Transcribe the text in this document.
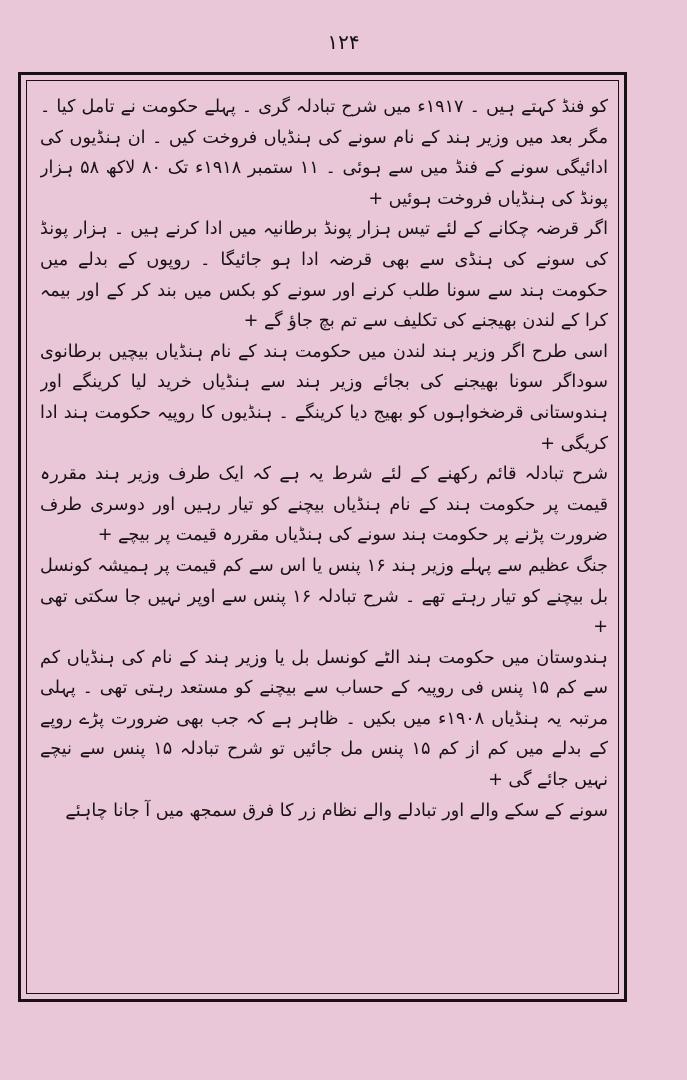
۱۲۴

کو فنڈ کہتے ہیں ۔ ۱۹۱۷ء میں شرح تبادلہ گری ۔ پہلے حکومت نے تامل کیا ۔ مگر بعد میں وزیر ہند کے نام سونے کی ہنڈیاں فروخت کیں ۔ ان ہنڈیوں کی ادائیگی سونے کے فنڈ میں سے ہوئی ۔ ۱۱ ستمبر ۱۹۱۸ء تک ۸۰ لاکھ ۵۸ ہزار پونڈ کی ہنڈیاں فروخت ہوئیں +

اگر قرضہ چکانے کے لئے تیس ہزار پونڈ برطانیہ میں ادا کرنے ہیں ۔ ہزار پونڈ کی سونے کی ہنڈی سے بھی قرضہ ادا ہو جائیگا ۔ روپوں کے بدلے میں حکومت ہند سے سونا طلب کرنے اور سونے کو بکس میں بند کر کے اور بیمہ کرا کے لندن بھیجنے کی تکلیف سے تم بچ جاؤ گے +

اسی طرح اگر وزیر ہند لندن میں حکومت ہند کے نام ہنڈیاں بیچیں برطانوی سوداگر سونا بھیجنے کی بجائے وزیر ہند سے ہنڈیاں خرید لیا کرینگے اور ہندوستانی قرضخواہوں کو بھیج دیا کرینگے ۔ ہنڈیوں کا روپیہ حکومت ہند ادا کریگی +

شرح تبادلہ قائم رکھنے کے لئے شرط یہ ہے کہ ایک طرف وزیر ہند مقررہ قیمت پر حکومت ہند کے نام ہنڈیاں بیچنے کو تیار رہیں اور دوسری طرف ضرورت پڑنے پر حکومت ہند سونے کی ہنڈیاں مقررہ قیمت پر بیچے +

جنگ عظیم سے پہلے وزیر ہند ۱۶ پنس یا اس سے کم قیمت پر ہمیشہ کونسل بل بیچنے کو تیار رہتے تھے ۔ شرح تبادلہ ۱۶ پنس سے اوپر نہیں جا سکتی تھی +

ہندوستان میں حکومت ہند الٹے کونسل بل یا وزیر ہند کے نام کی ہنڈیاں کم سے کم ۱۵ پنس فی روپیہ کے حساب سے بیچنے کو مستعد رہتی تھی ۔ پہلی مرتبہ یہ ہنڈیاں ۱۹۰۸ء میں بکیں ۔ ظاہر ہے کہ جب بھی ضرورت پڑے روپے کے بدلے میں کم از کم ۱۵ پنس مل جائیں تو شرح تبادلہ ۱۵ پنس سے نیچے نہیں جائے گی +

سونے کے سکے والے اور تبادلے والے نظام زر کا فرق سمجھ میں آ جانا چاہئے
